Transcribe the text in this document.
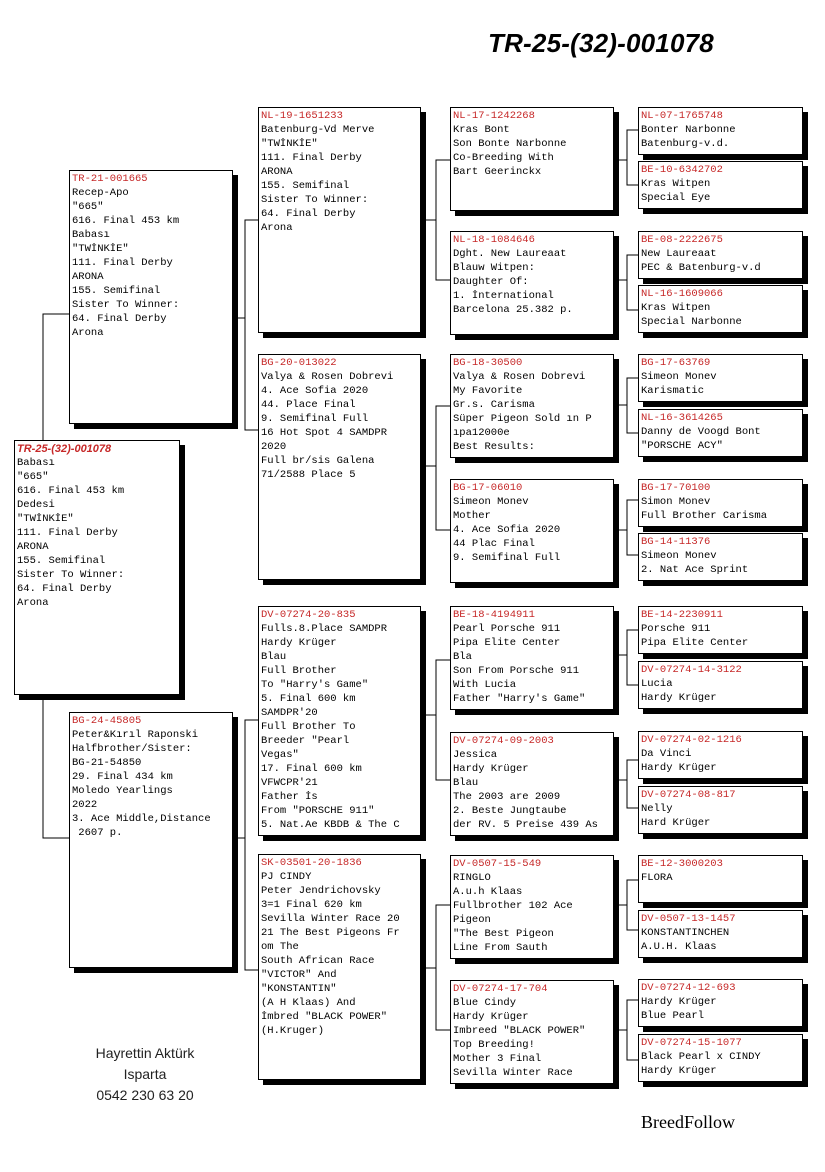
TR-25-(32)-001078
TR-25-(32)-001078
Babası
"665"
616. Final 453 km
Dedesi
"TWİNKİE"
111. Final Derby
ARONA
155. Semifinal
Sister To Winner:
64. Final Derby
Arona
TR-21-001665
Recep-Apo
"665"
616. Final 453 km
Babası
"TWİNKİE"
111. Final Derby
ARONA
155. Semifinal
Sister To Winner:
64. Final Derby
Arona
BG-24-45805
Peter&Kırıl Raponski
Halfbrother/Sister:
BG-21-54850
29. Final 434 km
Moledo Yearlings
2022
3. Ace Middle,Distance
2607 p.
NL-19-1651233
Batenburg-Vd Merve
"TWİNKİE"
111. Final Derby
ARONA
155. Semifinal
Sister To Winner:
64. Final Derby
Arona
BG-20-013022
Valya & Rosen Dobrevi
4. Ace Sofia 2020
44. Place Final
9. Semifinal Full
16 Hot Spot 4 SAMDPR
2020
Full br/sis Galena
71/2588 Place 5
DV-07274-20-835
Fulls.8.Place SAMDPR
Hardy Krüger
Blau
Full Brother
To "Harry's Game"
5. Final 600 km
SAMDPR'20
Full Brother To
Breeder "Pearl
Vegas"
17. Final 600 km
VFWCPR'21
Father İs
From "PORSCHE 911"
5. Nat.Ae KBDB & The C
SK-03501-20-1836
PJ CINDY
Peter Jendrichovsky
3=1 Final 620 km
Sevilla Winter Race 20
21 The Best Pigeons Fr
om The
South African Race
"VICTOR" And
"KONSTANTIN"
(A H Klaas) And
İmbred "BLACK POWER"
(H.Kruger)
NL-17-1242268
Kras Bont
Son Bonte Narbonne
Co-Breeding With
Bart Geerinckx
NL-18-1084646
Dght. New Laureaat
Blauw Witpen:
Daughter Of:
1. İnternational
Barcelona 25.382 p.
BG-18-30500
Valya & Rosen Dobrevi
My Favorite
Gr.s. Carisma
Süper Pigeon Sold ın P
ıpa12000e
Best Results:
BG-17-06010
Simeon Monev
Mother
4. Ace Sofia 2020
44 Plac Final
9. Semifinal Full
BE-18-4194911
Pearl Porsche 911
Pipa Elite Center
Bla
Son From Porsche 911
With Lucia
Father "Harry's Game"
DV-07274-09-2003
Jessica
Hardy Krüger
Blau
The 2003 are 2009
2. Beste Jungtaube
der RV. 5 Preise 439 As
DV-0507-15-549
RINGLO
A.u.h Klaas
Fullbrother 102 Ace
Pigeon
"The Best Pigeon
Line From Sauth
DV-07274-17-704
Blue Cindy
Hardy Krüger
Imbreed "BLACK POWER"
Top Breeding!
Mother 3 Final
Sevilla Winter Race
NL-07-1765748
Bonter Narbonne
Batenburg-v.d.
BE-10-6342702
Kras Witpen
Special Eye
BE-08-2222675
New Laureaat
PEC & Batenburg-v.d
NL-16-1609066
Kras Witpen
Special Narbonne
BG-17-63769
Simeon Monev
Karismatic
NL-16-3614265
Danny de Voogd Bont
"PORSCHE ACY"
BG-17-70100
Simon Monev
Full Brother Carisma
BG-14-11376
Simeon Monev
2. Nat Ace Sprint
BE-14-2230911
Porsche 911
Pipa Elite Center
DV-07274-14-3122
Lucia
Hardy Krüger
DV-07274-02-1216
Da Vinci
Hardy Krüger
DV-07274-08-817
Nelly
Hard Krüger
BE-12-3000203
FLORA
DV-0507-13-1457
KONSTANTINCHEN
A.U.H. Klaas
DV-07274-12-693
Hardy Krüger
Blue Pearl
DV-07274-15-1077
Black Pearl x CINDY
Hardy Krüger
Hayrettin Aktürk
Isparta
0542 230 63 20
BreedFollow
